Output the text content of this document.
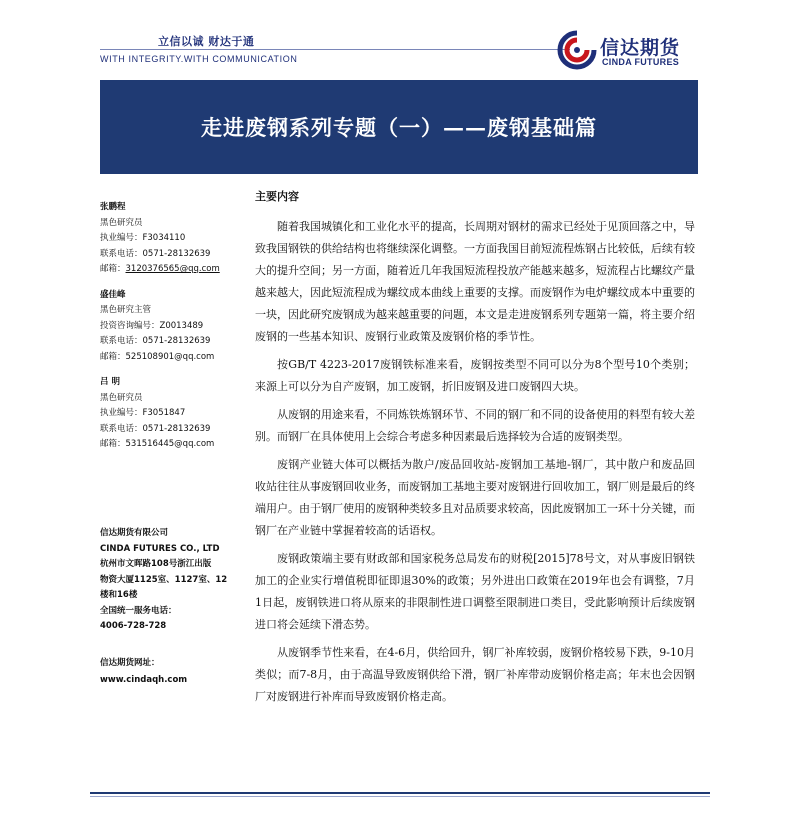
立信以诚 财达于通
WITH INTEGRITY.WITH COMMUNICATION	信达期货
CINDA FUTURES
走进废钢系列专题（一）——废钢基础篇
张鹏程
黑色研究员
执业编号：F3034110
联系电话：0571-28132639
邮箱：3120376565@qq.com
盛佳峰
黑色研究主管
投资咨询编号：Z0013489
联系电话：0571-28132639
邮箱：525108901@qq.com
吕 明
黑色研究员
执业编号：F3051847
联系电话：0571-28132639
邮箱：531516445@qq.com
信达期货有限公司
CINDA FUTURES CO., LTD
杭州市文晖路108号浙江出版
物资大厦1125室、1127室、12
楼和16楼
全国统一服务电话：
4006-728-728
信达期货网址：
www.cindaqh.com
主要内容

随着我国城镇化和工业化水平的提高，长周期对钢材的需求已经处于见顶回落之中，导致我国钢铁的供给结构也将继续深化调整。一方面我国目前短流程炼钢占比较低，后续有较大的提升空间；另一方面，随着近几年我国短流程投放产能越来越多，短流程占比螺纹产量越来越大，因此短流程成为螺纹成本曲线上重要的支撑。而废钢作为电炉螺纹成本中重要的一块，因此研究废钢成为越来越重要的问题，本文是走进废钢系列专题第一篇，将主要介绍废钢的一些基本知识、废钢行业政策及废钢价格的季节性。

按GB/T 4223-2017废钢铁标准来看，废钢按类型不同可以分为8个型号10个类别；来源上可以分为自产废钢，加工废钢，折旧废钢及进口废钢四大块。

从废钢的用途来看，不同炼铁炼钢环节、不同的钢厂和不同的设备使用的料型有较大差别。而钢厂在具体使用上会综合考虑多种因素最后选择较为合适的废钢类型。

废钢产业链大体可以概括为散户/废品回收站-废钢加工基地-钢厂，其中散户和废品回收站往往从事废钢回收业务，而废钢加工基地主要对废钢进行回收加工，钢厂则是最后的终端用户。由于钢厂使用的废钢种类较多且对品质要求较高，因此废钢加工一环十分关键，而钢厂在产业链中掌握着较高的话语权。

废钢政策端主要有财政部和国家税务总局发布的财税[2015]78号文，对从事废旧钢铁加工的企业实行增值税即征即退30%的政策；另外进出口政策在2019年也会有调整，7月1日起，废钢铁进口将从原来的非限制性进口调整至限制进口类目，受此影响预计后续废钢进口将会延续下滑态势。

从废钢季节性来看，在4-6月，供给回升，钢厂补库较弱，废钢价格较易下跌，9-10月类似；而7-8月，由于高温导致废钢供给下滑，钢厂补库带动废钢价格走高；年末也会因钢厂对废钢进行补库而导致废钢价格走高。
